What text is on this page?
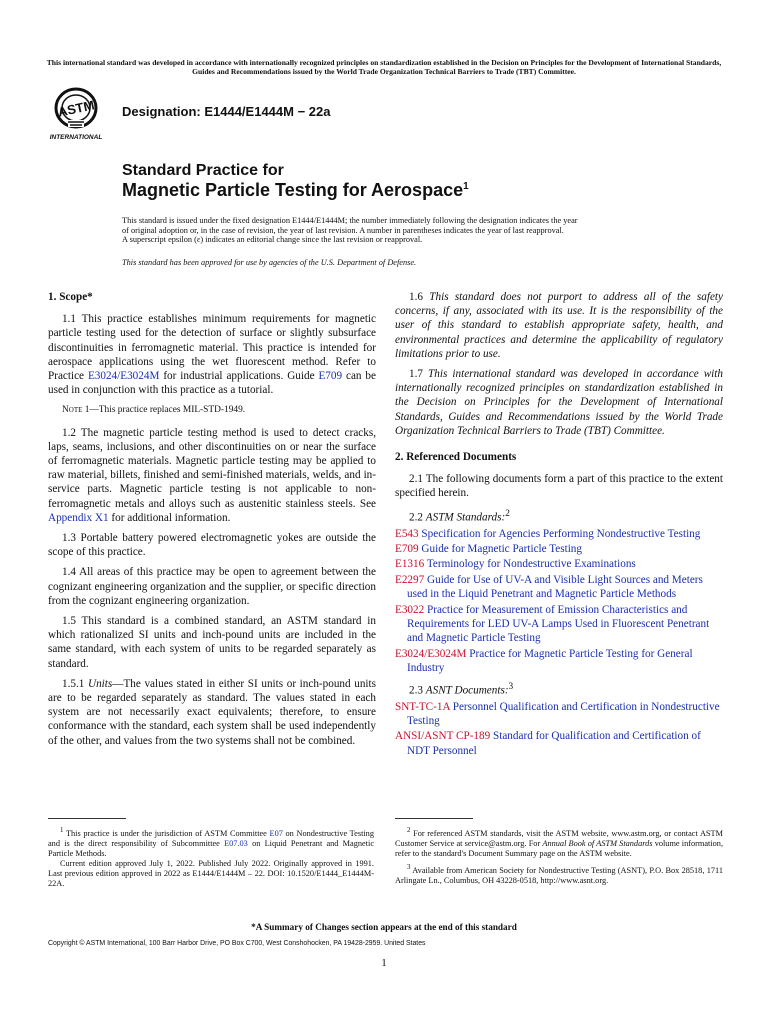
This international standard was developed in accordance with internationally recognized principles on standardization established in the Decision on Principles for the Development of International Standards, Guides and Recommendations issued by the World Trade Organization Technical Barriers to Trade (TBT) Committee.
ASTM
INTERNATIONAL
Designation: E1444/E1444M − 22a
Standard Practice for
Magnetic Particle Testing for Aerospace$^1$
This standard is issued under the fixed designation E1444/E1444M; the number immediately following the designation indicates the year
of original adoption or, in the case of revision, the year of last revision. A number in parentheses indicates the year of last reapproval.
A superscript epsilon (ε) indicates an editorial change since the last revision or reapproval.
This standard has been approved for use by agencies of the U.S. Department of Defense.
1. Scope*

1.1 This practice establishes minimum requirements for magnetic particle testing used for the detection of surface or slightly subsurface discontinuities in ferromagnetic material. This practice is intended for aerospace applications using the wet fluorescent method. Refer to Practice E3024/E3024M for industrial applications. Guide E709 can be used in conjunction with this practice as a tutorial.

Note 1—This practice replaces MIL-STD-1949.

1.2 The magnetic particle testing method is used to detect cracks, laps, seams, inclusions, and other discontinuities on or near the surface of ferromagnetic materials. Magnetic particle testing may be applied to raw material, billets, finished and semi-finished materials, welds, and in-service parts. Magnetic particle testing is not applicable to non-ferromagnetic metals and alloys such as austenitic stainless steels. See Appendix X1 for additional information.

1.3 Portable battery powered electromagnetic yokes are outside the scope of this practice.

1.4 All areas of this practice may be open to agreement between the cognizant engineering organization and the supplier, or specific direction from the cognizant engineering organization.

1.5 This standard is a combined standard, an ASTM standard in which rationalized SI units and inch-pound units are included in the same standard, with each system of units to be regarded separately as standard.

1.5.1 Units—The values stated in either SI units or inch-pound units are to be regarded separately as standard. The values stated in each system are not necessarily exact equivalents; therefore, to ensure conformance with the standard, each system shall be used independently of the other, and values from the two systems shall not be combined.

1.6 This standard does not purport to address all of the safety concerns, if any, associated with its use. It is the responsibility of the user of this standard to establish appropriate safety, health, and environmental practices and determine the applicability of regulatory limitations prior to use.

1.7 This international standard was developed in accordance with internationally recognized principles on standardization established in the Decision on Principles for the Development of International Standards, Guides and Recommendations issued by the World Trade Organization Technical Barriers to Trade (TBT) Committee.

2. Referenced Documents

2.1 The following documents form a part of this practice to the extent specified herein.

2.2 ASTM Standards:$^2$
E543 Specification for Agencies Performing Nondestructive Testing
E709 Guide for Magnetic Particle Testing
E1316 Terminology for Nondestructive Examinations
E2297 Guide for Use of UV-A and Visible Light Sources and Meters used in the Liquid Penetrant and Magnetic Particle Methods
E3022 Practice for Measurement of Emission Characteristics and Requirements for LED UV-A Lamps Used in Fluorescent Penetrant and Magnetic Particle Testing
E3024/E3024M Practice for Magnetic Particle Testing for General Industry
2.3 ASNT Documents:$^3$
SNT-TC-1A Personnel Qualification and Certification in Nondestructive Testing
ANSI/ASNT CP-189 Standard for Qualification and Certification of NDT Personnel
$^1$ This practice is under the jurisdiction of ASTM Committee E07 on Nondestructive Testing and is the direct responsibility of Subcommittee E07.03 on Liquid Penetrant and Magnetic Particle Methods.
Current edition approved July 1, 2022. Published July 2022. Originally approved in 1991. Last previous edition approved in 2022 as E1444/E1444M – 22. DOI: 10.1520/E1444_E1444M-22A.
$^2$ For referenced ASTM standards, visit the ASTM website, www.astm.org, or contact ASTM Customer Service at service@astm.org. For Annual Book of ASTM Standards volume information, refer to the standard's Document Summary page on the ASTM website.
$^3$ Available from American Society for Nondestructive Testing (ASNT), P.O. Box 28518, 1711 Arlingate Ln., Columbus, OH 43228-0518, http://www.asnt.org.
*A Summary of Changes section appears at the end of this standard
Copyright © ASTM International, 100 Barr Harbor Drive, PO Box C700, West Conshohocken, PA 19428-2959. United States
1
